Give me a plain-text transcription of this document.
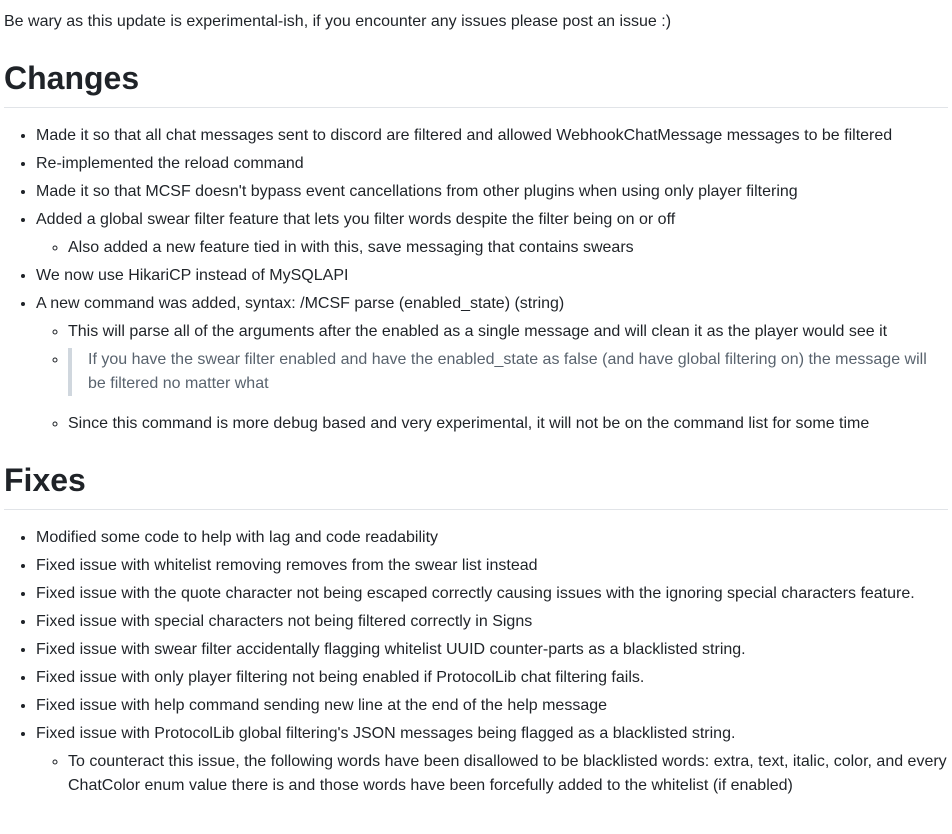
Be wary as this update is experimental-ish, if you encounter any issues please post an issue :)

Changes
• Made it so that all chat messages sent to discord are filtered and allowed WebhookChatMessage messages to be filtered
• Re-implemented the reload command
• Made it so that MCSF doesn't bypass event cancellations from other plugins when using only player filtering
• Added a global swear filter feature that lets you filter words despite the filter being on or off
◦ Also added a new feature tied in with this, save messaging that contains swears
• We now use HikariCP instead of MySQLAPI
• A new command was added, syntax: /MCSF parse (enabled_state) (string)
◦ This will parse all of the arguments after the enabled as a single message and will clean it as the player would see it
◦ If you have the swear filter enabled and have the enabled_state as false (and have global filtering on) the message will be filtered no matter what
◦ Since this command is more debug based and very experimental, it will not be on the command list for some time
Fixes
• Modified some code to help with lag and code readability
• Fixed issue with whitelist removing removes from the swear list instead
• Fixed issue with the quote character not being escaped correctly causing issues with the ignoring special characters feature.
• Fixed issue with special characters not being filtered correctly in Signs
• Fixed issue with swear filter accidentally flagging whitelist UUID counter-parts as a blacklisted string.
• Fixed issue with only player filtering not being enabled if ProtocolLib chat filtering fails.
• Fixed issue with help command sending new line at the end of the help message
• Fixed issue with ProtocolLib global filtering's JSON messages being flagged as a blacklisted string.
◦ To counteract this issue, the following words have been disallowed to be blacklisted words: extra, text, italic, color, and every ChatColor enum value there is and those words have been forcefully added to the whitelist (if enabled)
